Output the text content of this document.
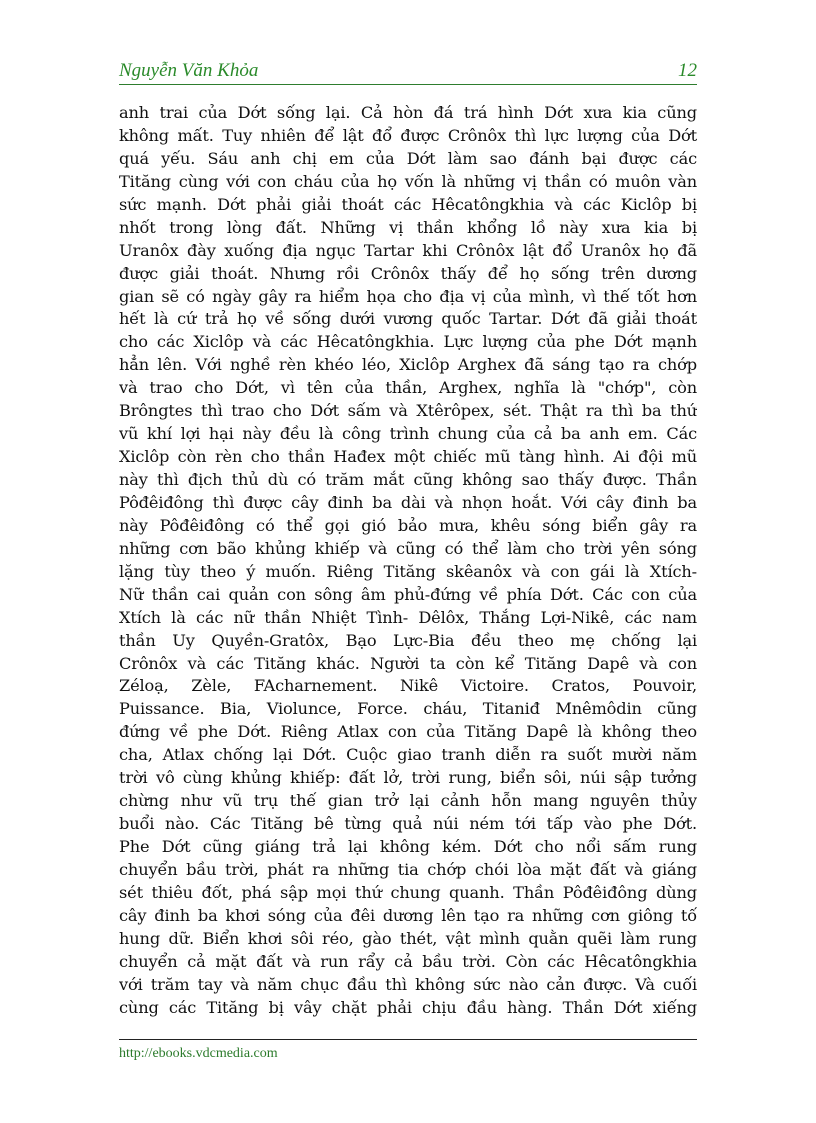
Nguyễn Văn Khỏa	12
anh trai của Dớt sống lại. Cả hòn đá trá hình Dớt xưa kia cũng
không mất. Tuy nhiên để lật đổ được Crônôx thì lực lượng của Dớt
quá yếu. Sáu anh chị em của Dớt làm sao đánh bại được các
Tităng cùng với con cháu của họ vốn là những vị thần có muôn vàn
sức mạnh. Dớt phải giải thoát các Hêcatôngkhia và các Kiclôp bị
nhốt trong lòng đất. Những vị thần khổng lồ này xưa kia bị
Uranôx đày xuống địa ngục Tartar khi Crônôx lật đổ Uranôx họ đã
được giải thoát. Nhưng rồi Crônôx thấy để họ sống trên dương
gian sẽ có ngày gây ra hiểm họa cho địa vị của mình, vì thế tốt hơn
hết là cứ trả họ về sống dưới vương quốc Tartar. Dớt đã giải thoát
cho các Xiclôp và các Hêcatôngkhia. Lực lượng của phe Dớt mạnh
hẳn lên. Với nghề rèn khéo léo, Xiclôp Arghex đã sáng tạo ra chớp
và trao cho Dớt, vì tên của thần, Arghex, nghĩa là "chớp", còn
Brôngtes thì trao cho Dớt sấm và Xtêrôpex, sét. Thật ra thì ba thứ
vũ khí lợi hại này đều là công trình chung của cả ba anh em. Các
Xiclôp còn rèn cho thần Hađex một chiếc mũ tàng hình. Ai đội mũ
này thì địch thủ dù có trăm mắt cũng không sao thấy được. Thần
Pôđêiđông thì được cây đinh ba dài và nhọn hoắt. Với cây đinh ba
này Pôđêiđông có thể gọi gió bảo mưa, khêu sóng biển gây ra
những cơn bão khủng khiếp và cũng có thể làm cho trời yên sóng
lặng tùy theo ý muốn. Riêng Tităng skêanôx và con gái là Xtích-
Nữ thần cai quản con sông âm phủ-đứng về phía Dớt. Các con của
Xtích là các nữ thần Nhiệt Tình- Dêlôx, Thắng Lợi-Nikê, các nam
thần Uy Quyền-Gratôx, Bạo Lực-Bia đều theo mẹ chống lại
Crônôx và các Tităng khác. Người ta còn kể Tităng Dapê và con
Zéloạ, Zèle, FAcharnement. Nikê Victoire. Cratos, Pouvoir,
Puissance. Bia, Violunce, Force. cháu, Titaniđ Mnêmôdin cũng
đứng về phe Dớt. Riêng Atlax con của Tităng Dapê là không theo
cha, Atlax chống lại Dớt. Cuộc giao tranh diễn ra suốt mười năm
trời vô cùng khủng khiếp: đất lở, trời rung, biển sôi, núi sập tưởng
chừng như vũ trụ thế gian trở lại cảnh hỗn mang nguyên thủy
buổi nào. Các Tităng bê từng quả núi ném tới tấp vào phe Dớt.
Phe Dớt cũng giáng trả lại không kém. Dớt cho nổi sấm rung
chuyển bầu trời, phát ra những tia chớp chói lòa mặt đất và giáng
sét thiêu đốt, phá sập mọi thứ chung quanh. Thần Pôđêiđông dùng
cây đinh ba khơi sóng của đêi dương lên tạo ra những cơn giông tố
hung dữ. Biển khơi sôi réo, gào thét, vật mình quằn quẽi làm rung
chuyển cả mặt đất và run rẩy cả bầu trời. Còn các Hêcatôngkhia
với trăm tay và năm chục đầu thì không sức nào cản được. Và cuối
cùng các Tităng bị vây chặt phải chịu đầu hàng. Thần Dớt xiếng
http://ebooks.vdcmedia.com
